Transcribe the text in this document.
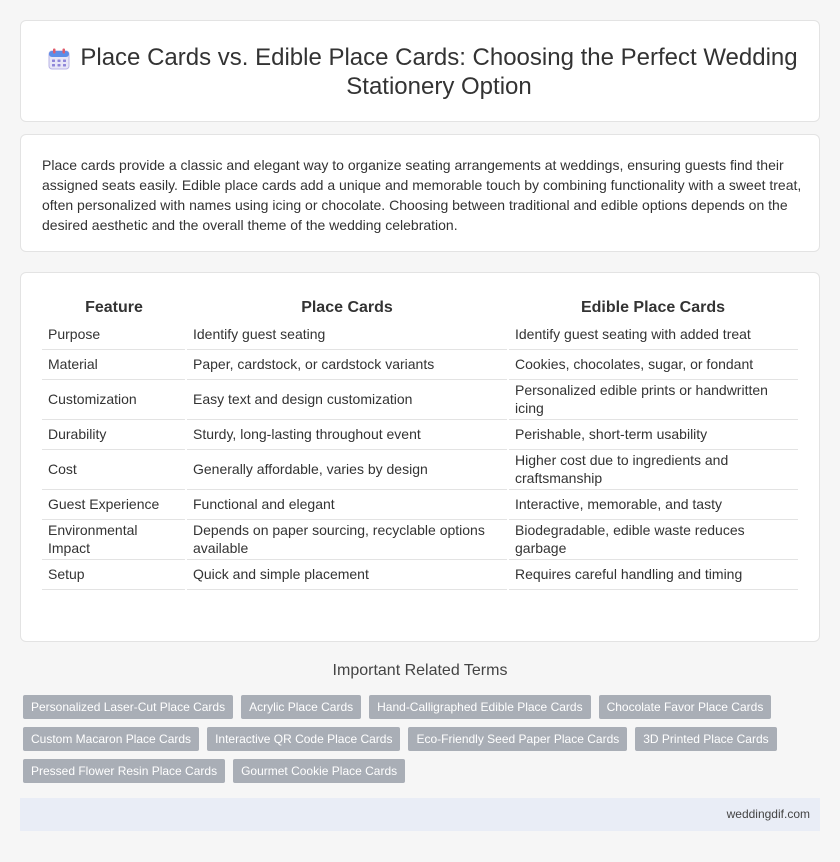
Place Cards vs. Edible Place Cards: Choosing the Perfect Wedding Stationery Option

Place cards provide a classic and elegant way to organize seating arrangements at weddings, ensuring guests find their assigned seats easily. Edible place cards add a unique and memorable touch by combining functionality with a sweet treat, often personalized with names using icing or chocolate. Choosing between traditional and edible options depends on the desired aesthetic and the overall theme of the wedding celebration.

Feature	Place Cards	Edible Place Cards
Purpose	Identify guest seating	Identify guest seating with added treat
Material	Paper, cardstock, or cardstock variants	Cookies, chocolates, sugar, or fondant
Customization	Easy text and design customization	Personalized edible prints or handwritten icing
Durability	Sturdy, long-lasting throughout event	Perishable, short-term usability
Cost	Generally affordable, varies by design	Higher cost due to ingredients and craftsmanship
Guest Experience	Functional and elegant	Interactive, memorable, and tasty
Environmental Impact	Depends on paper sourcing, recyclable options available	Biodegradable, edible waste reduces garbage
Setup	Quick and simple placement	Requires careful handling and timing
Important Related Terms
Personalized Laser-Cut Place Cards	Acrylic Place Cards	Hand-Calligraphed Edible Place Cards	Chocolate Favor Place Cards
Custom Macaron Place Cards	Interactive QR Code Place Cards	Eco-Friendly Seed Paper Place Cards	3D Printed Place Cards
Pressed Flower Resin Place Cards	Gourmet Cookie Place Cards
weddingdif.com
